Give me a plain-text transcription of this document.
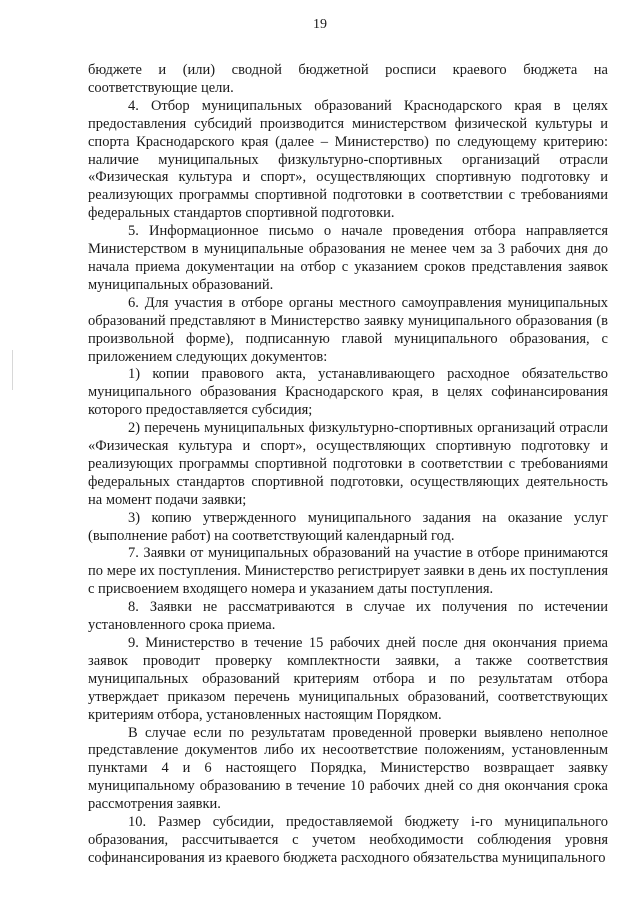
19

бюджете и (или) сводной бюджетной росписи краевого бюджета на соответствующие цели.

4. Отбор муниципальных образований Краснодарского края в целях предоставления субсидий производится министерством физической культуры и спорта Краснодарского края (далее – Министерство) по следующему критерию: наличие муниципальных физкультурно-спортивных организаций отрасли «Физическая культура и спорт», осуществляющих спортивную подготовку и реализующих программы спортивной подготовки в соответствии с требованиями федеральных стандартов спортивной подготовки.

5. Информационное письмо о начале проведения отбора направляется Министерством в муниципальные образования не менее чем за 3 рабочих дня до начала приема документации на отбор с указанием сроков представления заявок муниципальных образований.

6. Для участия в отборе органы местного самоуправления муниципальных образований представляют в Министерство заявку муниципального образования (в произвольной форме), подписанную главой муниципального образования, с приложением следующих документов:

1) копии правового акта, устанавливающего расходное обязательство муниципального образования Краснодарского края, в целях софинансирования которого предоставляется субсидия;

2) перечень муниципальных физкультурно-спортивных организаций отрасли «Физическая культура и спорт», осуществляющих спортивную подготовку и реализующих программы спортивной подготовки в соответствии с требованиями федеральных стандартов спортивной подготовки, осуществляющих деятельность на момент подачи заявки;

3) копию утвержденного муниципального задания на оказание услуг (выполнение работ) на соответствующий календарный год.

7. Заявки от муниципальных образований на участие в отборе принимаются по мере их поступления. Министерство регистрирует заявки в день их поступления с присвоением входящего номера и указанием даты поступления.

8. Заявки не рассматриваются в случае их получения по истечении установленного срока приема.

9. Министерство в течение 15 рабочих дней после дня окончания приема заявок проводит проверку комплектности заявки, а также соответствия муниципальных образований критериям отбора и по результатам отбора утверждает приказом перечень муниципальных образований, соответствующих критериям отбора, установленных настоящим Порядком.

В случае если по результатам проведенной проверки выявлено неполное представление документов либо их несоответствие положениям, установленным пунктами 4 и 6 настоящего Порядка, Министерство возвращает заявку муниципальному образованию в течение 10 рабочих дней со дня окончания срока рассмотрения заявки.

10. Размер субсидии, предоставляемой бюджету i-го муниципального образования, рассчитывается с учетом необходимости соблюдения уровня софинансирования из краевого бюджета расходного обязательства муниципального
